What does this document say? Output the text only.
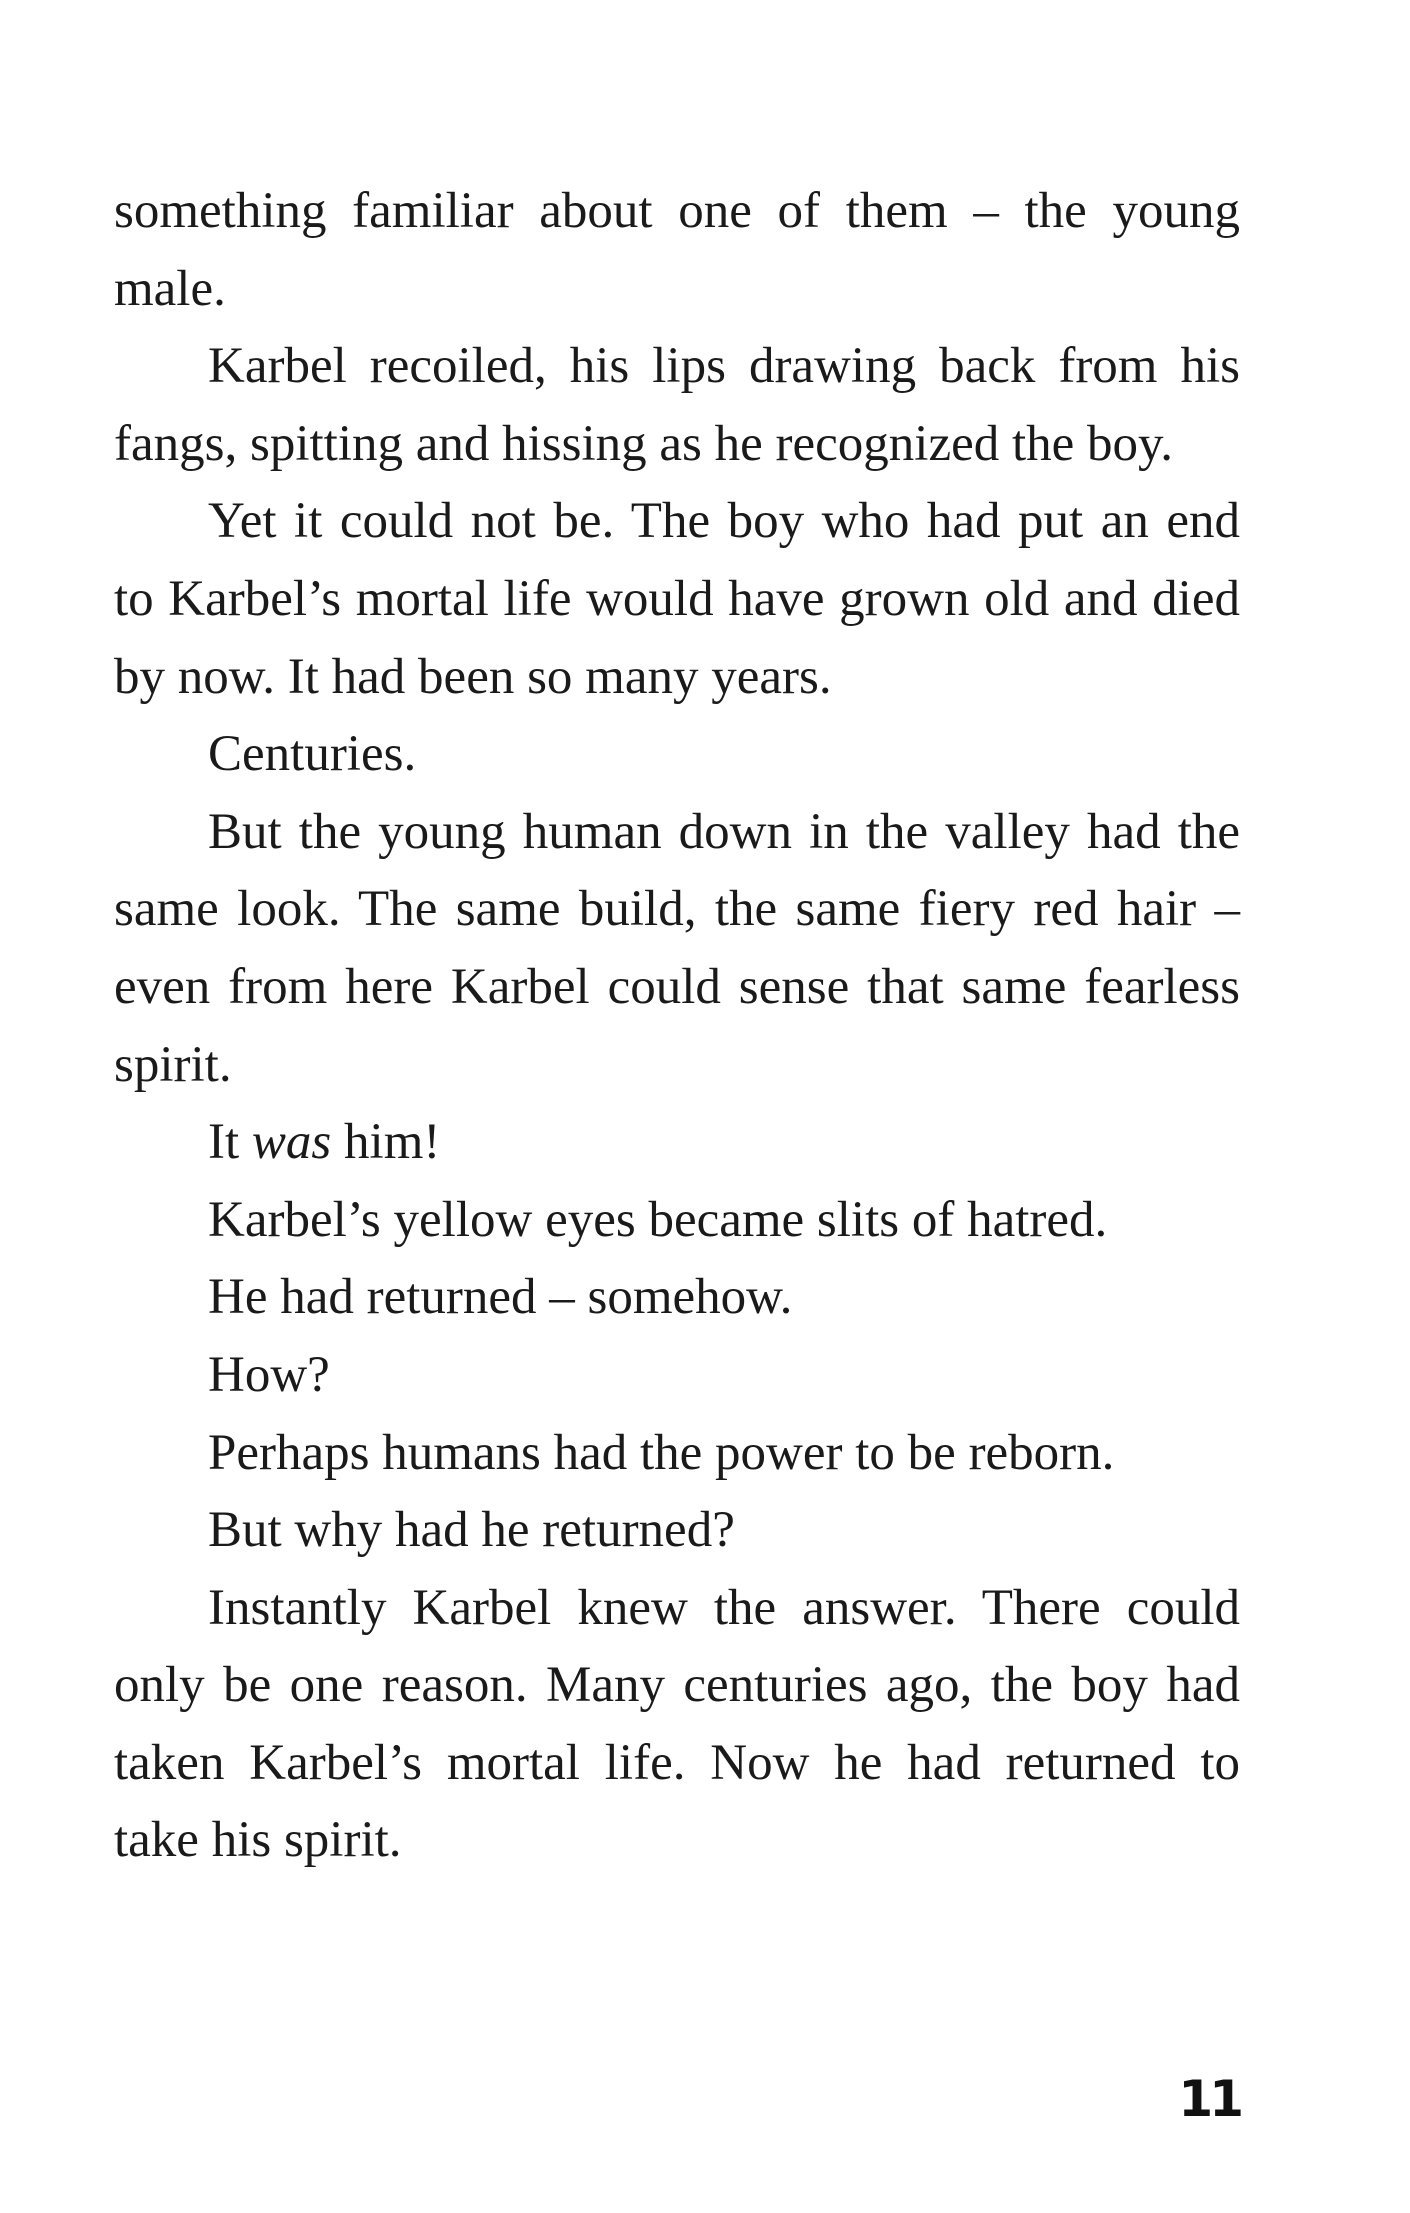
something familiar about one of them – the young male.

Karbel recoiled, his lips drawing back from his fangs, spitting and hissing as he recognized the boy.

Yet it could not be. The boy who had put an end to Karbel’s mortal life would have grown old and died by now. It had been so many years.

Centuries.

But the young human down in the valley had the same look. The same build, the same fiery red hair – even from here Karbel could sense that same fearless spirit.

It was him!

Karbel’s yellow eyes became slits of hatred.

He had returned – somehow.

How?

Perhaps humans had the power to be reborn.

But why had he returned?

Instantly Karbel knew the answer. There could only be one reason. Many centuries ago, the boy had taken Karbel’s mortal life. Now he had returned to take his spirit.

11
